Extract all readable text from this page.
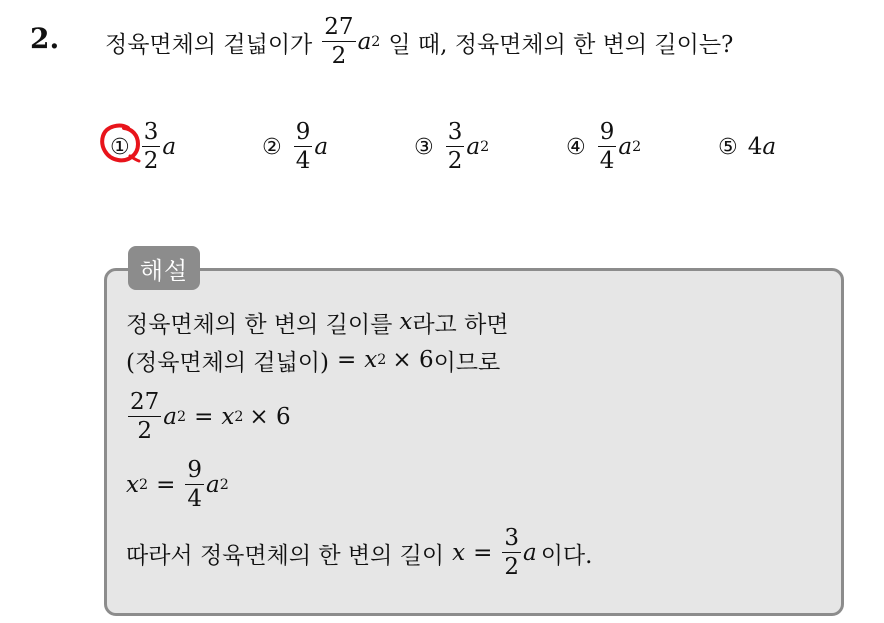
2. 정육면체의 겉넓이가 $\frac{27}{2}$ a 2 일 때, 정육면체의 한 변의 길이는?
① $\frac{3}{2}$ a	② $\frac{9}{4}$ a	③ $\frac{3}{2}$ a 2	④ $\frac{9}{4}$ a 2	⑤ 4 a
해설
정육면체의 한 변의 길이를 x 라고 하면
(정육면체의 겉넓이) = x 2 × 6 이므로
$\frac{27}{2}$ a 2 = x 2 × 6
x $2 = \frac{9}{4}$ a 2
따라서 정육면체의 한 변의 길이 $x = \frac{3}{2}$ a 이다.
